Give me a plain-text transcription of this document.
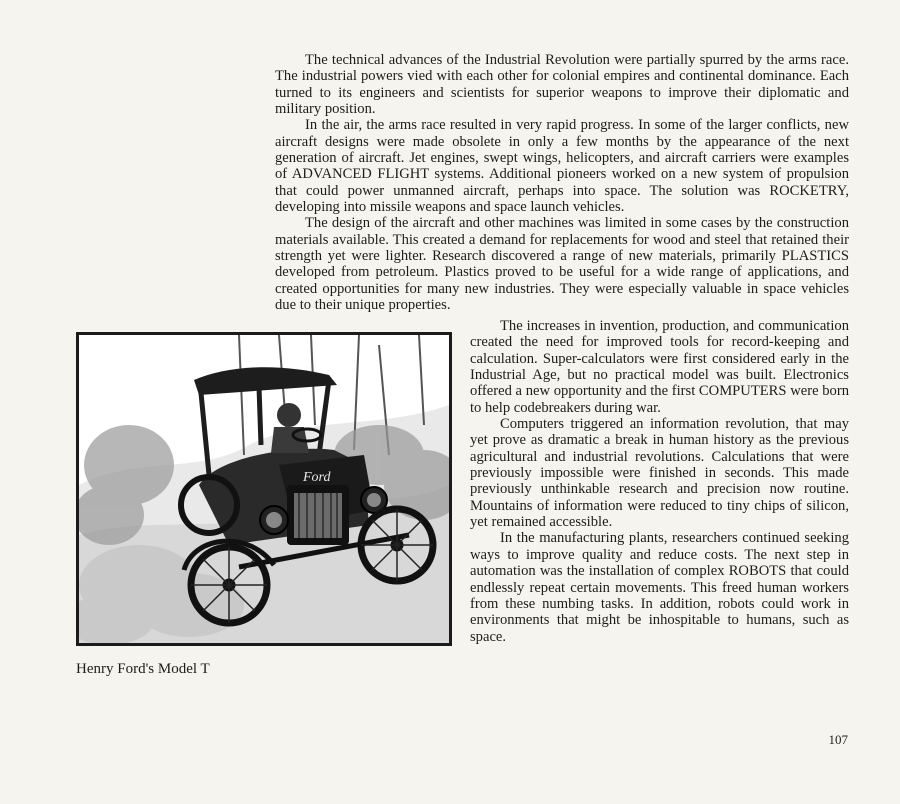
The technical advances of the Industrial Revolution were partially spurred by the arms race. The industrial powers vied with each other for colonial empires and continental dominance. Each turned to its engineers and scientists for superior weapons to improve their diplomatic and military position.

In the air, the arms race resulted in very rapid progress. In some of the larger conflicts, new aircraft designs were made obsolete in only a few months by the appearance of the next generation of aircraft. Jet engines, swept wings, helicopters, and aircraft carriers were examples of ADVANCED FLIGHT systems. Additional pioneers worked on a new system of propulsion that could power unmanned aircraft, perhaps into space. The solution was ROCKETRY, developing into missile weapons and space launch vehicles.

The design of the aircraft and other machines was limited in some cases by the construction materials available. This created a demand for replacements for wood and steel that retained their strength yet were lighter. Research discovered a range of new materials, primarily PLASTICS developed from petroleum. Plastics proved to be useful for a wide range of applications, and created opportunities for many new industries. They were especially valuable in space vehicles due to their unique properties.

Ford

The increases in invention, production, and communication created the need for improved tools for record-keeping and calculation. Super-calculators were first considered early in the Industrial Age, but no practical model was built. Electronics offered a new opportunity and the first COMPUTERS were born to help codebreakers during war.

Computers triggered an information revolution, that may yet prove as dramatic a break in human history as the previous agricultural and industrial revolutions. Calculations that were previously impossible were finished in seconds. This made previously unthinkable research and precision now routine. Mountains of information were reduced to tiny chips of silicon, yet remained accessible.

In the manufacturing plants, researchers continued seeking ways to improve quality and reduce costs. The next step in automation was the installation of complex ROBOTS that could endlessly repeat certain movements. This freed human workers from these numbing tasks. In addition, robots could work in environments that might be inhospitable to humans, such as space.

Henry Ford's Model T
107
